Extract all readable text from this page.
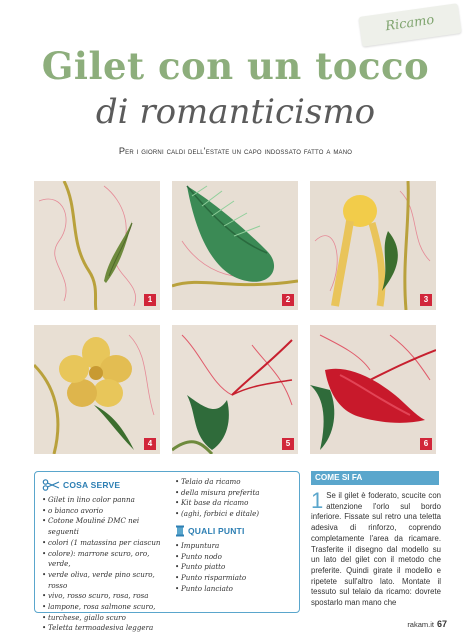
Ricamo
Gilet con un tocco
di romanticismo
Per i giorni caldi dell'estate un capo indossato fatto a mano
1	2	3
4	5	6
COSA SERVE
• Gilet in lino color panna
• o bianco avorio
• Cotone Mouliné DMC nei seguenti
• colori (1 matassina per ciascun
• colore): marrone scuro, oro, verde,
• verde oliva, verde pino scuro, rosso
• vivo, rosso scuro, rosa, rosa
• lampone, rosa salmone scuro,
• turchese, giallo scuro
• Teletta termoadesiva leggera
• Telaio da ricamo
• della misura preferita
• Kit base da ricamo
• (aghi, forbici e ditale)
QUALI PUNTI
• Impuntura
• Punto nodo
• Punto piatto
• Punto risparmiato
• Punto lanciato
COME SI FA
1 Se il gilet è foderato, scucite con attenzione l'orlo sul bordo inferiore. Fissate sul retro una teletta adesiva di rinforzo, coprendo completamente l'area da ricamare. Trasferite il disegno dal modello su un lato del gilet con il metodo che preferite. Quindi girate il modello e ripetete sull'altro lato. Montate il tessuto sul telaio da ricamo: dovrete spostarlo man mano che
rakam.it 67
